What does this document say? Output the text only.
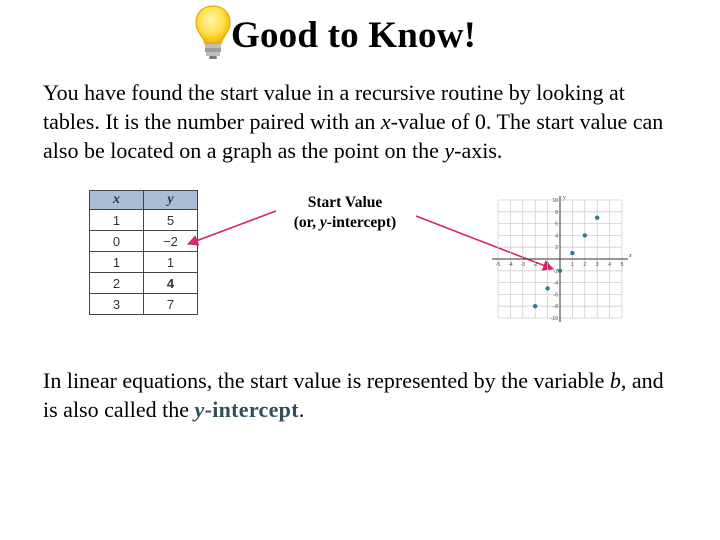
Good to Know!
You have found the start value in a recursive routine by looking at tables. It is the number paired with an x-value of 0. The start value can also be located on a graph as the point on the y-axis.
x	y
1	5
0	−2
1	1
2	4
3	7
Start Value
(or, y-intercept)
x
y
-5 -4 -3 -2 -1	1 2 3 4 5
10
8
6
4
2
-2
-4
-6
-8
-10
In linear equations, the start value is represented by the variable b, and is also called the y-intercept.
